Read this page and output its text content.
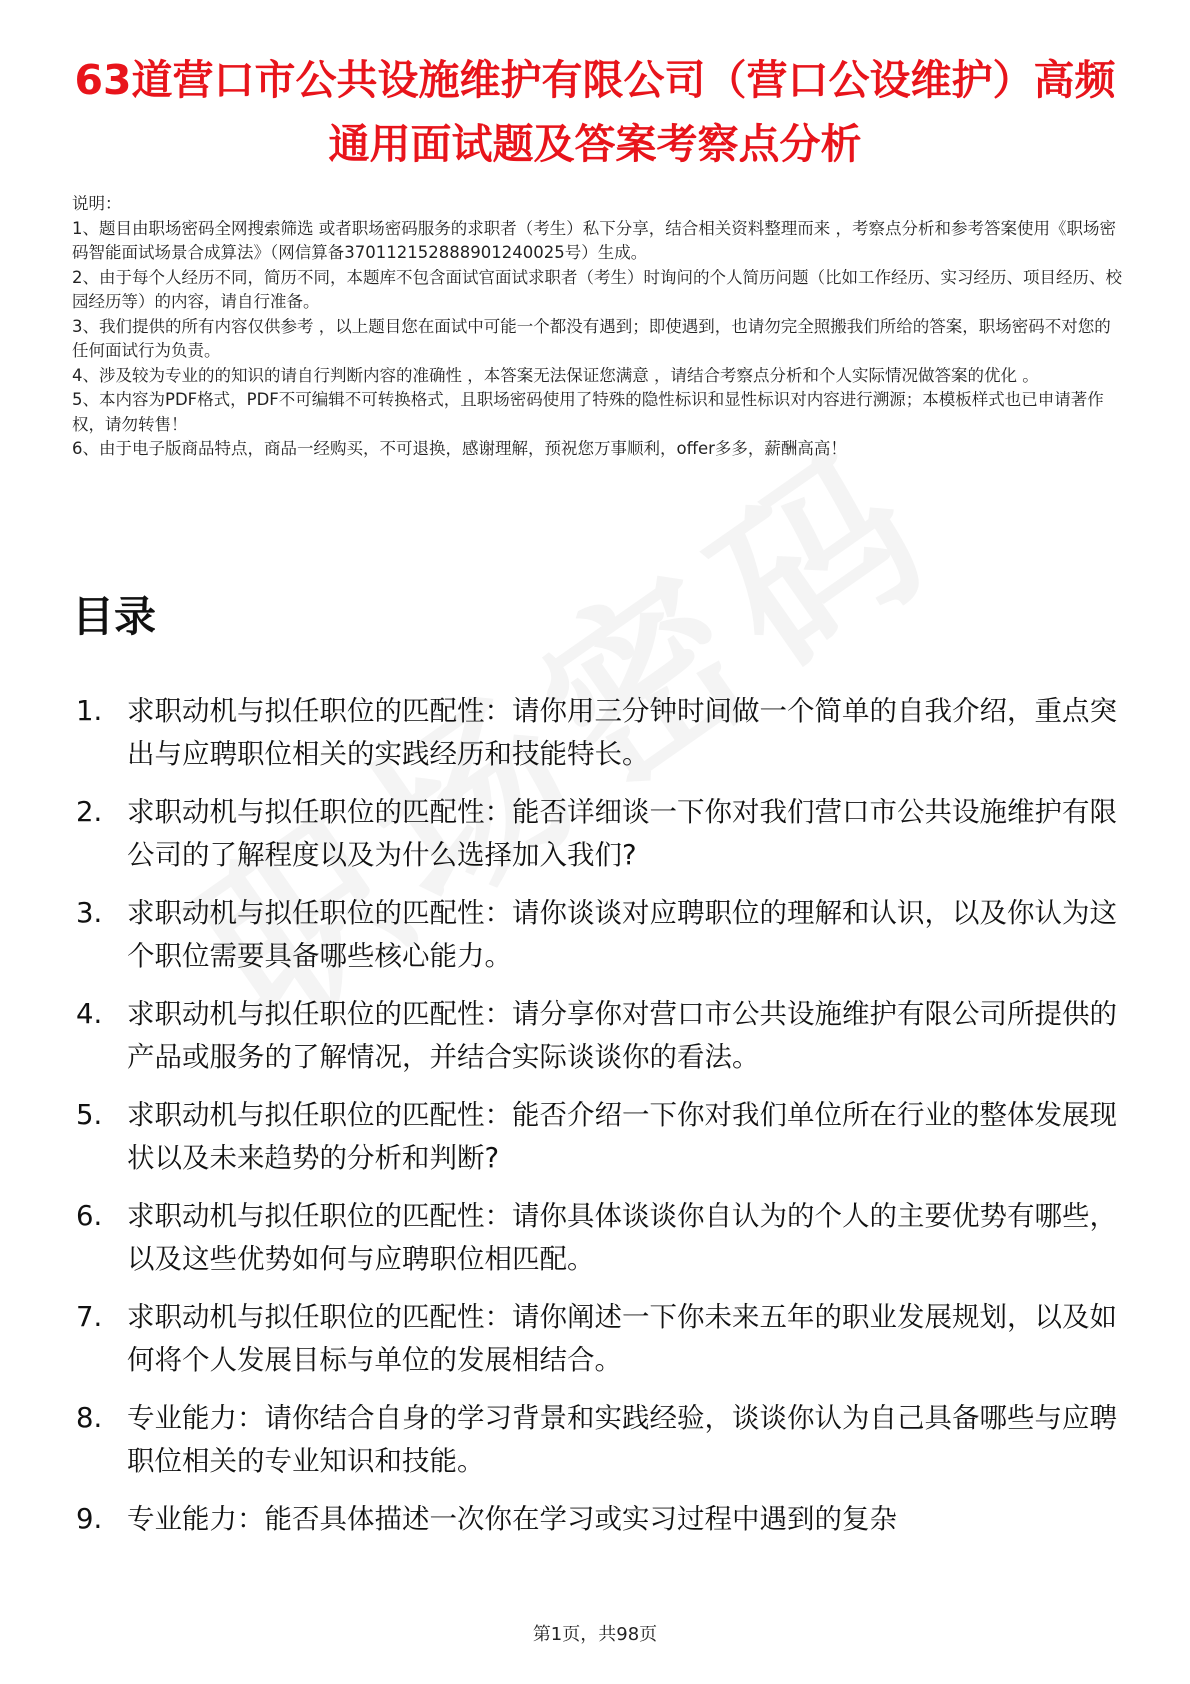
63道营口市公共设施维护有限公司（营口公设维护）高频通用面试题及答案考察点分析
说明：
1、题目由职场密码全网搜索筛选 或者职场密码服务的求职者（考生）私下分享，结合相关资料整理而来 ，考察点分析和参考答案使用《职场密码智能面试场景合成算法》（网信算备370112152888901240025号）生成。
2、由于每个人经历不同，简历不同，本题库不包含面试官面试求职者（考生）时询问的个人简历问题（比如工作经历、实习经历、项目经历、校园经历等）的内容，请自行准备。
3、我们提供的所有内容仅供参考 ，以上题目您在面试中可能一个都没有遇到；即使遇到，也请勿完全照搬我们所给的答案，职场密码不对您的任何面试行为负责。
4、涉及较为专业的的知识的请自行判断内容的准确性 ，本答案无法保证您满意 ，请结合考察点分析和个人实际情况做答案的优化 。
5、本内容为PDF格式，PDF不可编辑不可转换格式，且职场密码使用了特殊的隐性标识和显性标识对内容进行溯源；本模板样式也已申请著作权，请勿转售！
6、由于电子版商品特点，商品一经购买，不可退换，感谢理解，预祝您万事顺利，offer多多，薪酬高高！
目录
1. 求职动机与拟任职位的匹配性：请你用三分钟时间做一个简单的自我介绍，重点突出与应聘职位相关的实践经历和技能特长。
2. 求职动机与拟任职位的匹配性：能否详细谈一下你对我们营口市公共设施维护有限公司的了解程度以及为什么选择加入我们?
3. 求职动机与拟任职位的匹配性：请你谈谈对应聘职位的理解和认识，以及你认为这个职位需要具备哪些核心能力。
4. 求职动机与拟任职位的匹配性：请分享你对营口市公共设施维护有限公司所提供的产品或服务的了解情况，并结合实际谈谈你的看法。
5. 求职动机与拟任职位的匹配性：能否介绍一下你对我们单位所在行业的整体发展现状以及未来趋势的分析和判断?
6. 求职动机与拟任职位的匹配性：请你具体谈谈你自认为的个人的主要优势有哪些，以及这些优势如何与应聘职位相匹配。
7. 求职动机与拟任职位的匹配性：请你阐述一下你未来五年的职业发展规划，以及如何将个人发展目标与单位的发展相结合。
8. 专业能力：请你结合自身的学习背景和实践经验，谈谈你认为自己具备哪些与应聘职位相关的专业知识和技能。
9. 专业能力：能否具体描述一次你在学习或实习过程中遇到的复杂
第1页，共98页
